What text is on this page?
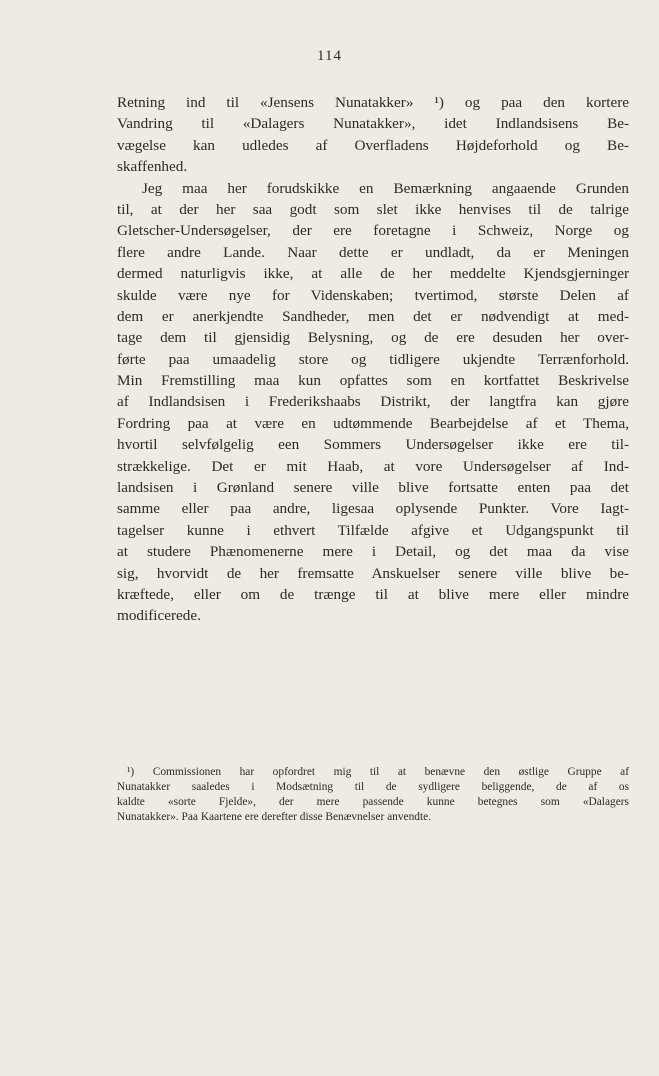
114
Retning ind til «Jensens Nunatakker» ¹) og paa den kortere
Vandring til «Dalagers Nunatakker», idet Indlandsisens Be-
vægelse kan udledes af Overfladens Højdeforhold og Be-
skaffenhed.
Jeg maa her forudskikke en Bemærkning angaaende Grunden
til, at der her saa godt som slet ikke henvises til de talrige
Gletscher-Undersøgelser, der ere foretagne i Schweiz, Norge og
flere andre Lande. Naar dette er undladt, da er Meningen
dermed naturligvis ikke, at alle de her meddelte Kjendsgjerninger
skulde være nye for Videnskaben; tvertimod, største Delen af
dem er anerkjendte Sandheder, men det er nødvendigt at med-
tage dem til gjensidig Belysning, og de ere desuden her over-
førte paa umaadelig store og tidligere ukjendte Terrænforhold.
Min Fremstilling maa kun opfattes som en kortfattet Beskrivelse
af Indlandsisen i Frederikshaabs Distrikt, der langtfra kan gjøre
Fordring paa at være en udtømmende Bearbejdelse af et Thema,
hvortil selvfølgelig een Sommers Undersøgelser ikke ere til-
strækkelige. Det er mit Haab, at vore Undersøgelser af Ind-
landsisen i Grønland senere ville blive fortsatte enten paa det
samme eller paa andre, ligesaa oplysende Punkter. Vore Iagt-
tagelser kunne i ethvert Tilfælde afgive et Udgangspunkt til
at studere Phænomenerne mere i Detail, og det maa da vise
sig, hvorvidt de her fremsatte Anskuelser senere ville blive be-
kræftede, eller om de trænge til at blive mere eller mindre
modificerede.
¹) Commissionen har opfordret mig til at benævne den østlige Gruppe af
Nunatakker saaledes i Modsætning til de sydligere beliggende, de af os
kaldte «sorte Fjelde», der mere passende kunne betegnes som «Dalagers
Nunatakker». Paa Kaartene ere derefter disse Benævnelser anvendte.
